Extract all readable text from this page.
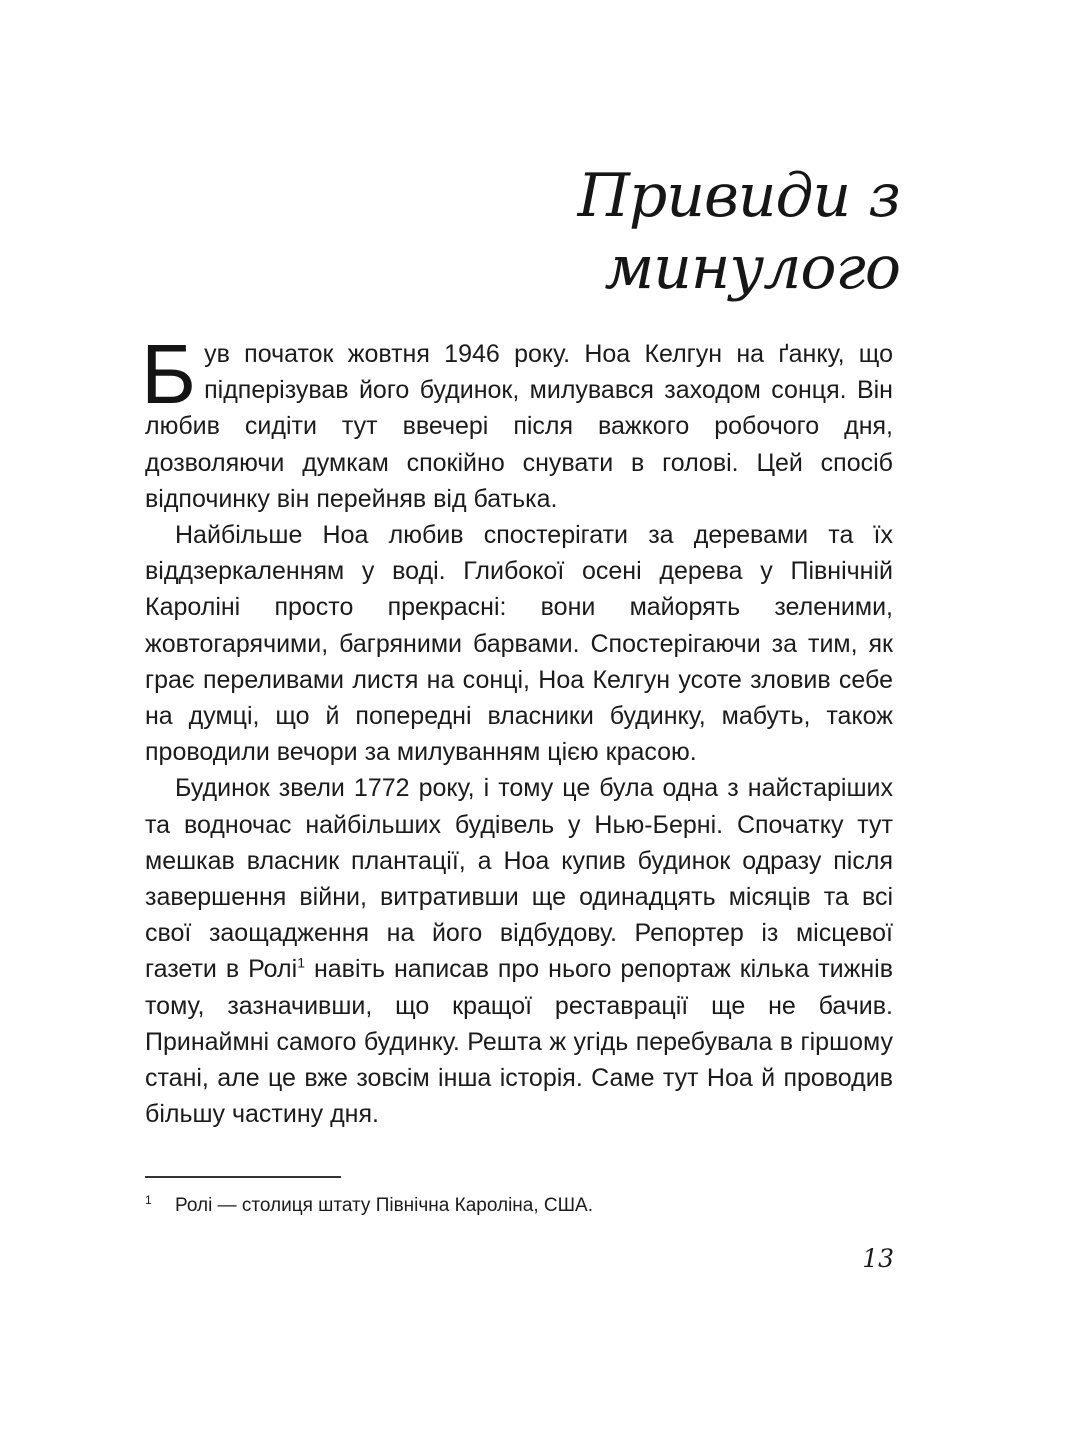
Привиди з минулого

Був початок жовтня 1946 року. Ноа Келгун на ґанку, що підперізував його будинок, милувався заходом сонця. Він любив сидіти тут ввечері після важкого робочого дня, дозволяючи думкам спокійно снувати в голові. Цей спосіб відпочинку він перейняв від батька.

Найбільше Ноа любив спостерігати за деревами та їх віддзеркаленням у воді. Глибокої осені дерева у Північній Кароліні просто прекрасні: вони майорять зеленими, жовтогарячими, багряними барвами. Спостерігаючи за тим, як грає переливами листя на сонці, Ноа Келгун усоте зловив себе на думці, що й попередні власники будинку, мабуть, також проводили вечори за милуванням цією красою.

Будинок звели 1772 року, і тому це була одна з найстаріших та водночас найбільших будівель у Нью-Берні. Спочатку тут мешкав власник плантації, а Ноа купив будинок одразу після завершення війни, витративши ще одинадцять місяців та всі свої заощадження на його відбудову. Репортер із місцевої газети в Ролі$^1$ навіть написав про нього репортаж кілька тижнів тому, зазначивши, що кращої реставрації ще не бачив. Принаймні самого будинку. Решта ж угідь перебувала в гіршому стані, але це вже зовсім інша історія. Саме тут Ноа й проводив більшу частину дня.

1 Ролі — столиця штату Північна Кароліна, США.
13
